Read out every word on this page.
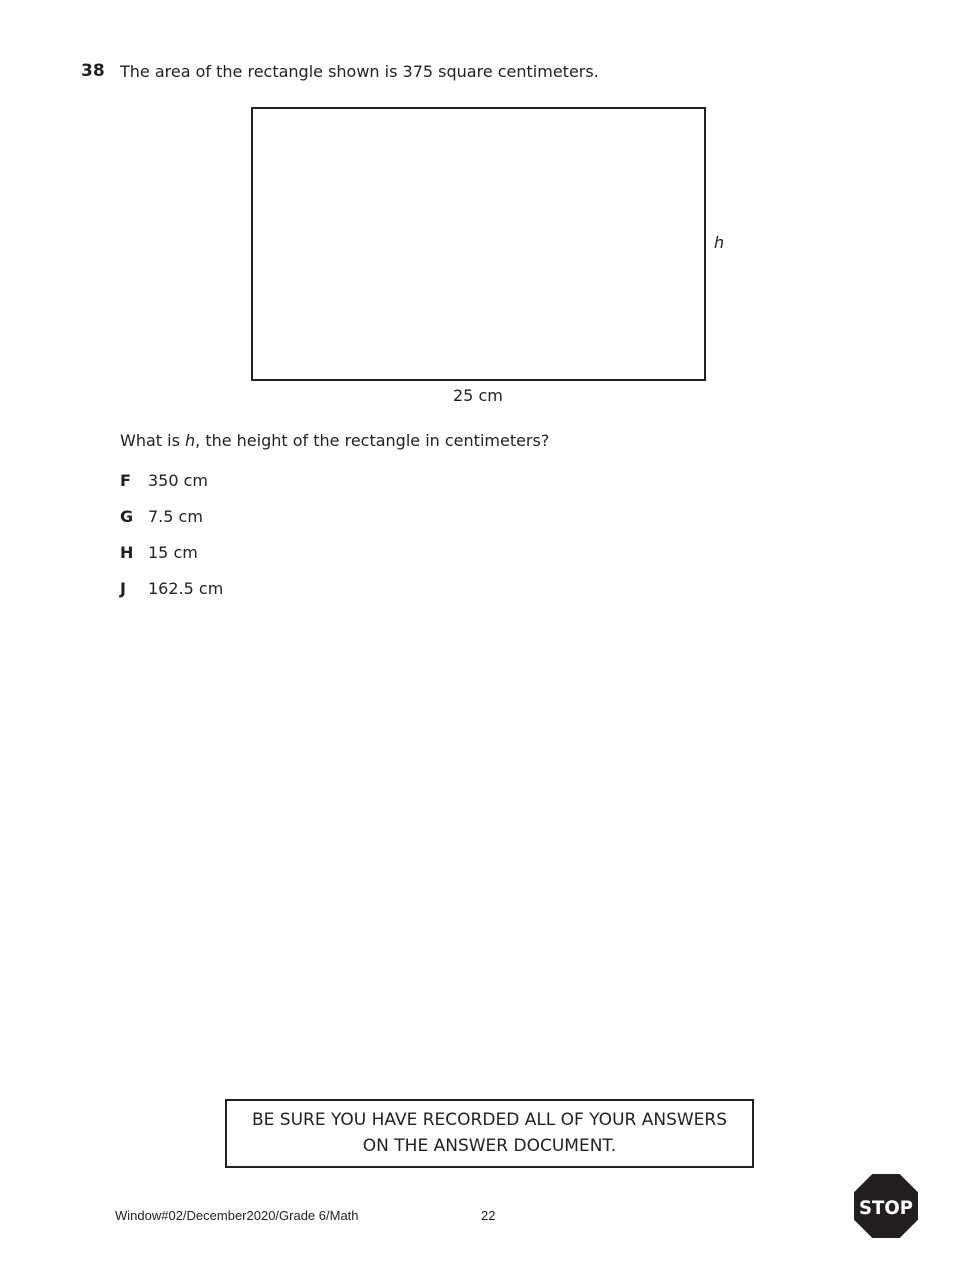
38 The area of the rectangle shown is 375 square centimeters.
h
25 cm
What is h, the height of the rectangle in centimeters?
F	350 cm
G 7.5 cm
H 15 cm
J	162.5 cm
BE SURE YOU HAVE RECORDED ALL OF YOUR ANSWERS
ON THE ANSWER DOCUMENT.
Window#02/December2020/Grade 6/Math	22	STOP
